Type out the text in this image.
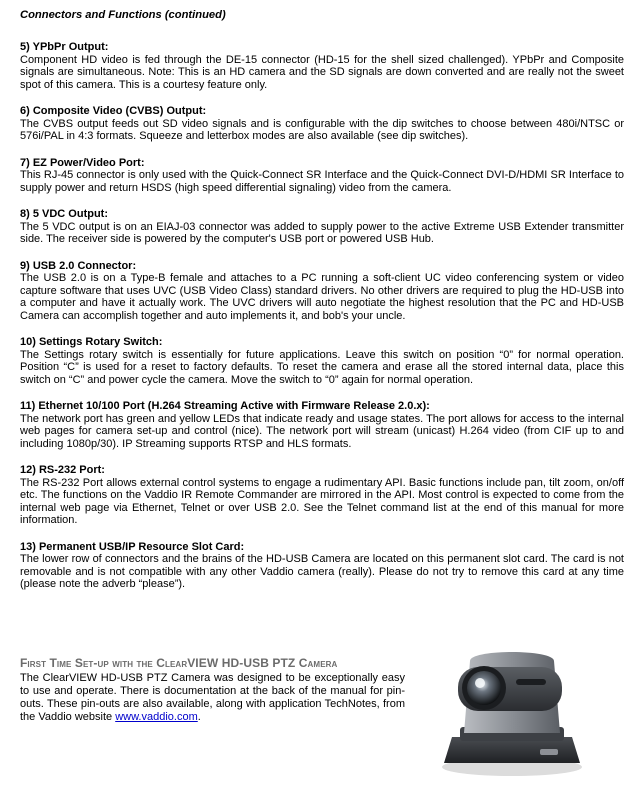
Connectors and Functions (continued)

5) YPbPr Output:

Component HD video is fed through the DE-15 connector (HD-15 for the shell sized challenged). YPbPr and Composite signals are simultaneous. Note: This is an HD camera and the SD signals are down converted and are really not the sweet spot of this camera. This is a courtesy feature only.

6) Composite Video (CVBS) Output:

The CVBS output feeds out SD video signals and is configurable with the dip switches to choose between 480i/NTSC or 576i/PAL in 4:3 formats. Squeeze and letterbox modes are also available (see dip switches).

7) EZ Power/Video Port:

This RJ-45 connector is only used with the Quick-Connect SR Interface and the Quick-Connect DVI-D/HDMI SR Interface to supply power and return HSDS (high speed differential signaling) video from the camera.

8) 5 VDC Output:

The 5 VDC output is on an EIAJ-03 connector was added to supply power to the active Extreme USB Extender transmitter side. The receiver side is powered by the computer's USB port or powered USB Hub.

9) USB 2.0 Connector:

The USB 2.0 is on a Type-B female and attaches to a PC running a soft-client UC video conferencing system or video capture software that uses UVC (USB Video Class) standard drivers. No other drivers are required to plug the HD-USB into a computer and have it actually work. The UVC drivers will auto negotiate the highest resolution that the PC and HD-USB Camera can accomplish together and auto implements it, and bob's your uncle.

10) Settings Rotary Switch:

The Settings rotary switch is essentially for future applications. Leave this switch on position “0” for normal operation. Position “C” is used for a reset to factory defaults. To reset the camera and erase all the stored internal data, place this switch on “C” and power cycle the camera. Move the switch to “0” again for normal operation.

11) Ethernet 10/100 Port (H.264 Streaming Active with Firmware Release 2.0.x):

The network port has green and yellow LEDs that indicate ready and usage states. The port allows for access to the internal web pages for camera set-up and control (nice). The network port will stream (unicast) H.264 video (from CIF up to and including 1080p/30). IP Streaming supports RTSP and HLS formats.

12) RS-232 Port:

The RS-232 Port allows external control systems to engage a rudimentary API. Basic functions include pan, tilt zoom, on/off etc. The functions on the Vaddio IR Remote Commander are mirrored in the API. Most control is expected to come from the internal web page via Ethernet, Telnet or over USB 2.0. See the Telnet command list at the end of this manual for more information.

13) Permanent USB/IP Resource Slot Card:

The lower row of connectors and the brains of the HD-USB Camera are located on this permanent slot card. The card is not removable and is not compatible with any other Vaddio camera (really). Please do not try to remove this card at any time (please note the adverb “please”).

First Time Set-up with the ClearVIEW HD-USB PTZ Camera

The ClearVIEW HD-USB PTZ Camera was designed to be exceptionally easy to use and operate. There is documentation at the back of the manual for pin-outs. These pin-outs are also available, along with application TechNotes, from the Vaddio website www.vaddio.com.
